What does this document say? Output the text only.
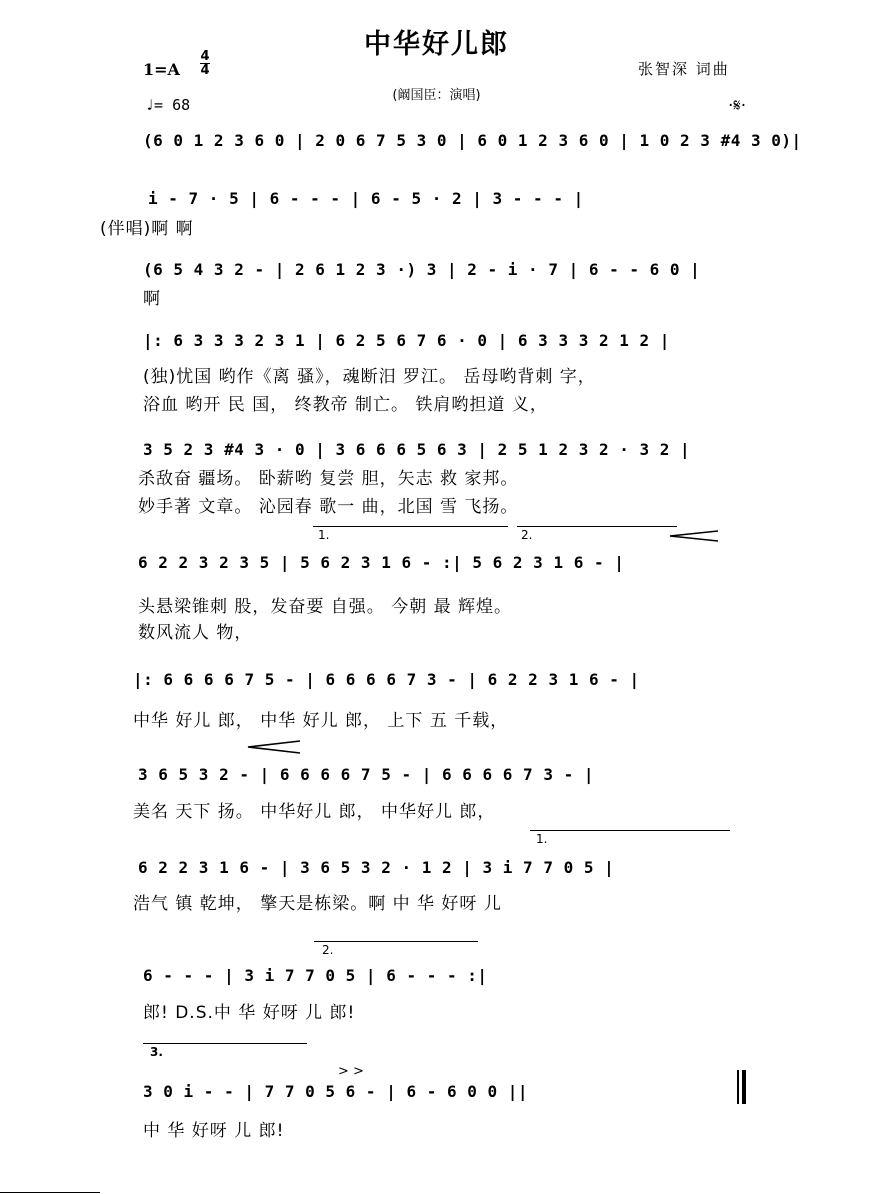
中华好儿郎
1=A
4
4	张智深 词曲
(阚国臣：演唱)
♩= 68	·𝄋·
(6 0 1 2 3 6 0 | 2 0 6 7 5 3 0 | 6 0 1 2 3 6 0 | 1 0 2 3 #4 3 0)|
i - 7 · 5 | 6 - - - | 6 - 5 · 2 | 3 - - - |
(伴唱)啊 啊
(6 5 4 3 2 - | 2 6 1 2 3 ·) 3 | 2 - i · 7 | 6 - - 6 0 |
啊
|: 6 3 3 3 2 3 1 | 6 2 5 6 7 6 · 0 | 6 3 3 3 2 1 2 |
(独)忧国 哟作《离 骚》，魂断汨 罗江。 岳母哟背刺 字，
浴血 哟开 民 国， 终教帝 制亡。 铁肩哟担道 义，
3 5 2 3 #4 3 · 0 | 3 6 6 6 5 6 3 | 2 5 1 2 3 2 · 3 2 |
杀敌奋 疆场。 卧薪哟 复尝 胆，矢志 救 家邦。
妙手著 文章。 沁园春 歌一 曲，北国 雪 飞扬。
1.	2.
6 2 2 3 2 3 5 | 5 6 2 3 1 6 - :| 5 6 2 3 1 6 - |
头悬梁锥刺 股，发奋要 自强。 今朝 最 辉煌。
数风流人 物，
|: 6 6 6 6 7 5 - | 6 6 6 6 7 3 - | 6 2 2 3 1 6 - |
中华 好儿 郎， 中华 好儿 郎， 上下 五 千载，
3 6 5 3 2 - | 6 6 6 6 7 5 - | 6 6 6 6 7 3 - |
美名 天下 扬。 中华好儿 郎， 中华好儿 郎，
1.
6 2 2 3 1 6 - | 3 6 5 3 2 · 1 2 | 3 i 7 7 0 5 |
浩气 镇 乾坤， 擎天是栋梁。啊 中 华 好呀 儿
2.
6 - - - | 3 i 7 7 0 5 | 6 - - - :|
郎! D.S.中 华 好呀 儿 郎!
3.
> >
3 0 i - - | 7 7 0 5 6 - | 6 - 6 0 0 ||
中 华 好呀 儿 郎!
